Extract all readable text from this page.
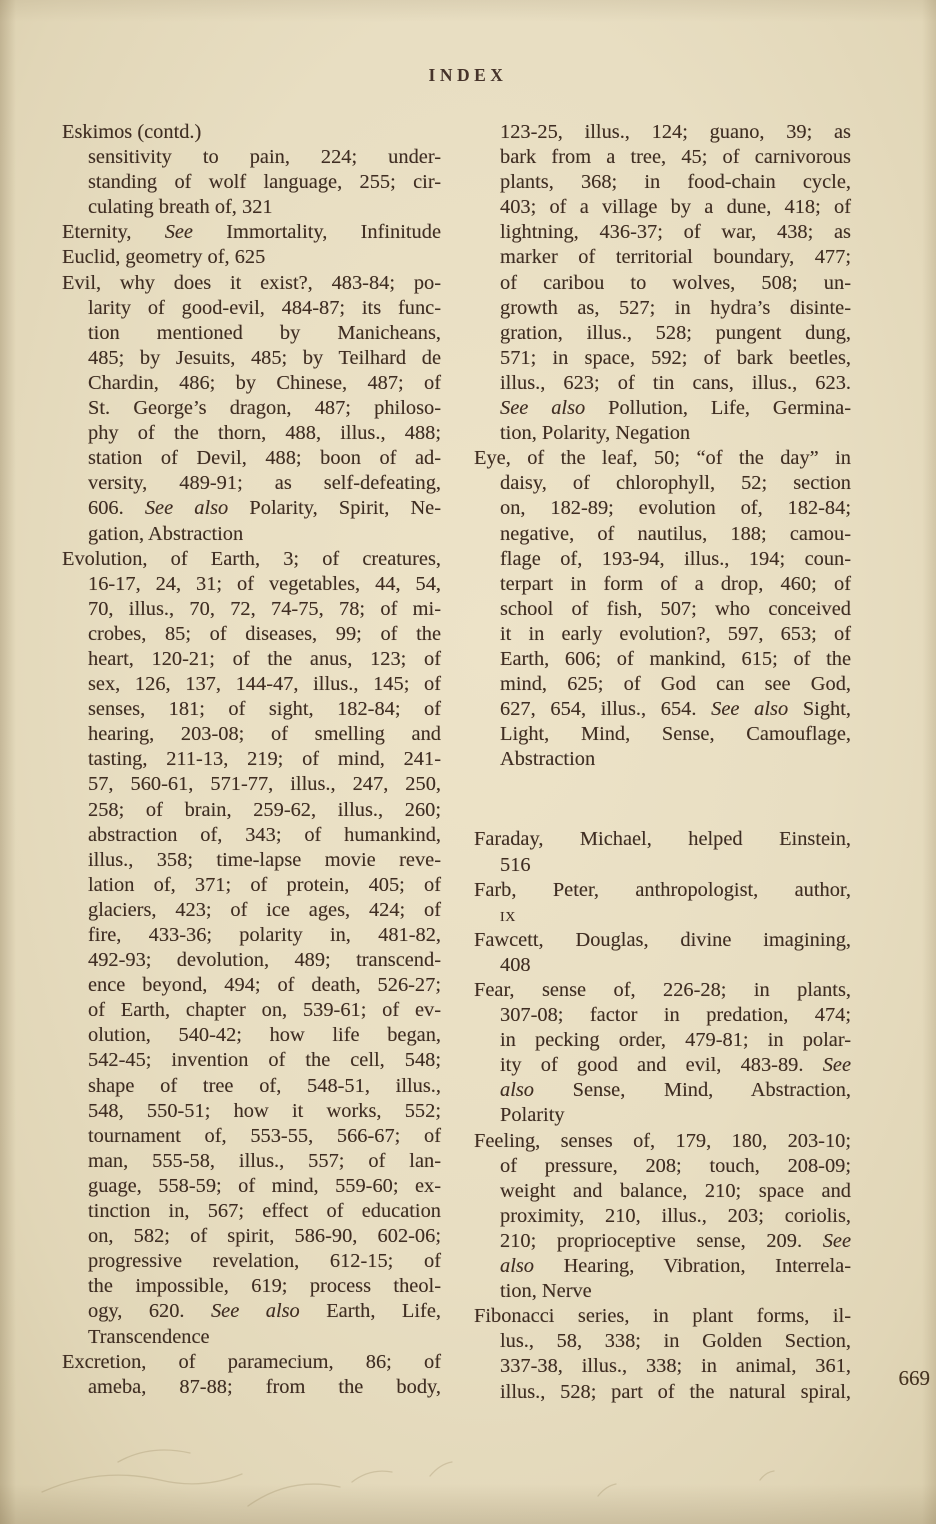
INDEX
Eskimos (contd.)
sensitivity to pain, 224; under-
standing of wolf language, 255; cir-
culating breath of, 321
Eternity, See Immortality, Infinitude
Euclid, geometry of, 625
Evil, why does it exist?, 483-84; po-
larity of good-evil, 484-87; its func-
tion mentioned by Manicheans,
485; by Jesuits, 485; by Teilhard de
Chardin, 486; by Chinese, 487; of
St. George’s dragon, 487; philoso-
phy of the thorn, 488, illus., 488;
station of Devil, 488; boon of ad-
versity, 489-91; as self-defeating,
606. See also Polarity, Spirit, Ne-
gation, Abstraction
Evolution, of Earth, 3; of creatures,
16-17, 24, 31; of vegetables, 44, 54,
70, illus., 70, 72, 74-75, 78; of mi-
crobes, 85; of diseases, 99; of the
heart, 120-21; of the anus, 123; of
sex, 126, 137, 144-47, illus., 145; of
senses, 181; of sight, 182-84; of
hearing, 203-08; of smelling and
tasting, 211-13, 219; of mind, 241-
57, 560-61, 571-77, illus., 247, 250,
258; of brain, 259-62, illus., 260;
abstraction of, 343; of humankind,
illus., 358; time-lapse movie reve-
lation of, 371; of protein, 405; of
glaciers, 423; of ice ages, 424; of
fire, 433-36; polarity in, 481-82,
492-93; devolution, 489; transcend-
ence beyond, 494; of death, 526-27;
of Earth, chapter on, 539-61; of ev-
olution, 540-42; how life began,
542-45; invention of the cell, 548;
shape of tree of, 548-51, illus.,
548, 550-51; how it works, 552;
tournament of, 553-55, 566-67; of
man, 555-58, illus., 557; of lan-
guage, 558-59; of mind, 559-60; ex-
tinction in, 567; effect of education
on, 582; of spirit, 586-90, 602-06;
progressive revelation, 612-15; of
the impossible, 619; process theol-
ogy, 620. See also Earth, Life,
Transcendence
Excretion, of paramecium, 86; of
ameba, 87-88; from the body,
123-25, illus., 124; guano, 39; as
bark from a tree, 45; of carnivorous
plants, 368; in food-chain cycle,
403; of a village by a dune, 418; of
lightning, 436-37; of war, 438; as
marker of territorial boundary, 477;
of caribou to wolves, 508; un-
growth as, 527; in hydra’s disinte-
gration, illus., 528; pungent dung,
571; in space, 592; of bark beetles,
illus., 623; of tin cans, illus., 623.
See also Pollution, Life, Germina-
tion, Polarity, Negation
Eye, of the leaf, 50; “of the day” in
daisy, of chlorophyll, 52; section
on, 182-89; evolution of, 182-84;
negative, of nautilus, 188; camou-
flage of, 193-94, illus., 194; coun-
terpart in form of a drop, 460; of
school of fish, 507; who conceived
it in early evolution?, 597, 653; of
Earth, 606; of mankind, 615; of the
mind, 625; of God can see God,
627, 654, illus., 654. See also Sight,
Light, Mind, Sense, Camouflage,
Abstraction
Faraday, Michael, helped Einstein,
516
Farb, Peter, anthropologist, author,
ix
Fawcett, Douglas, divine imagining,
408
Fear, sense of, 226-28; in plants,
307-08; factor in predation, 474;
in pecking order, 479-81; in polar-
ity of good and evil, 483-89. See
also Sense, Mind, Abstraction,
Polarity
Feeling, senses of, 179, 180, 203-10;
of pressure, 208; touch, 208-09;
weight and balance, 210; space and
proximity, 210, illus., 203; coriolis,
210; proprioceptive sense, 209. See
also Hearing, Vibration, Interrela-
tion, Nerve
Fibonacci series, in plant forms, il-
lus., 58, 338; in Golden Section,
337-38, illus., 338; in animal, 361,
illus., 528; part of the natural spiral,
669
